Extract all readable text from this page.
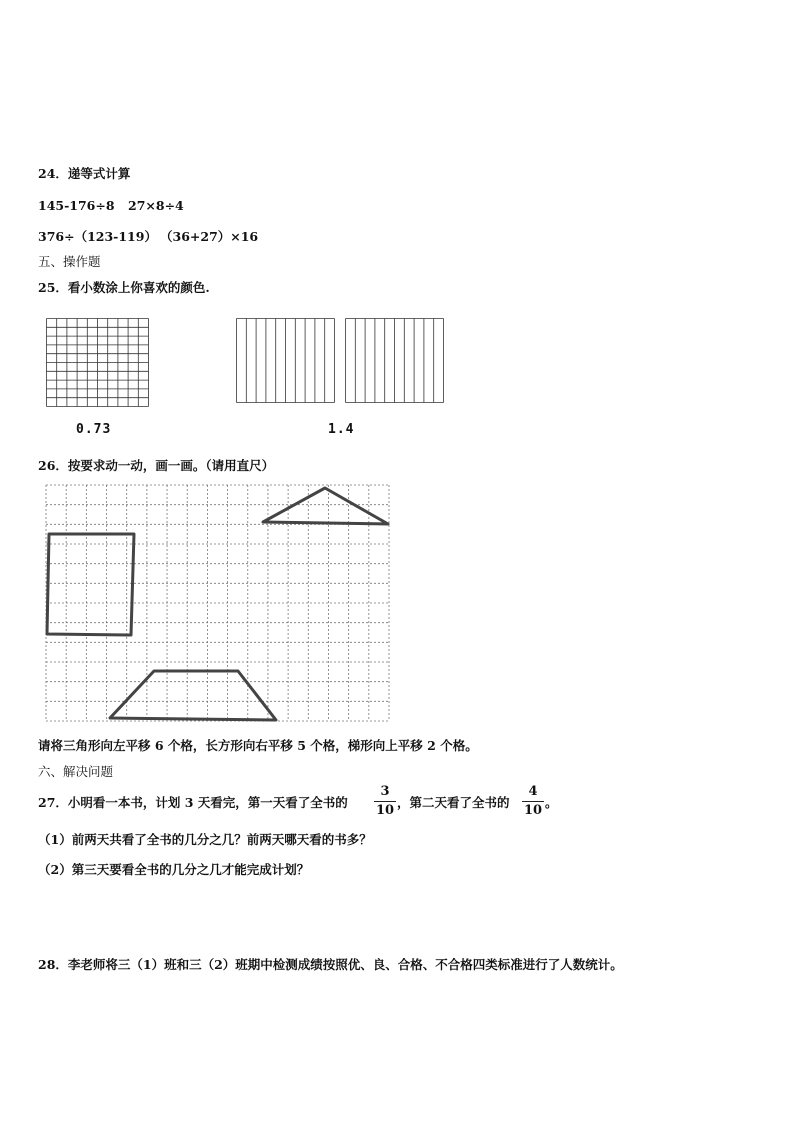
24．递等式计算
145-176÷8 27×8÷4
376÷（123-119） （36+27）×16
五、操作题
25．看小数涂上你喜欢的颜色.
0.73	1.4
26．按要求动一动，画一画。（请用直尺）
请将三角形向左平移 6 个格，长方形向右平移 5 个格，梯形向上平移 2 个格。
六、解决问题
27．小明看一本书，计划 3 天看完，第一天看了全书的
3
10
，第二天看了全书的
4
10
。
（1）前两天共看了全书的几分之几？前两天哪天看的书多？
（2）第三天要看全书的几分之几才能完成计划？
28．李老师将三（1）班和三（2）班期中检测成绩按照优、良、合格、不合格四类标准进行了人数统计。
